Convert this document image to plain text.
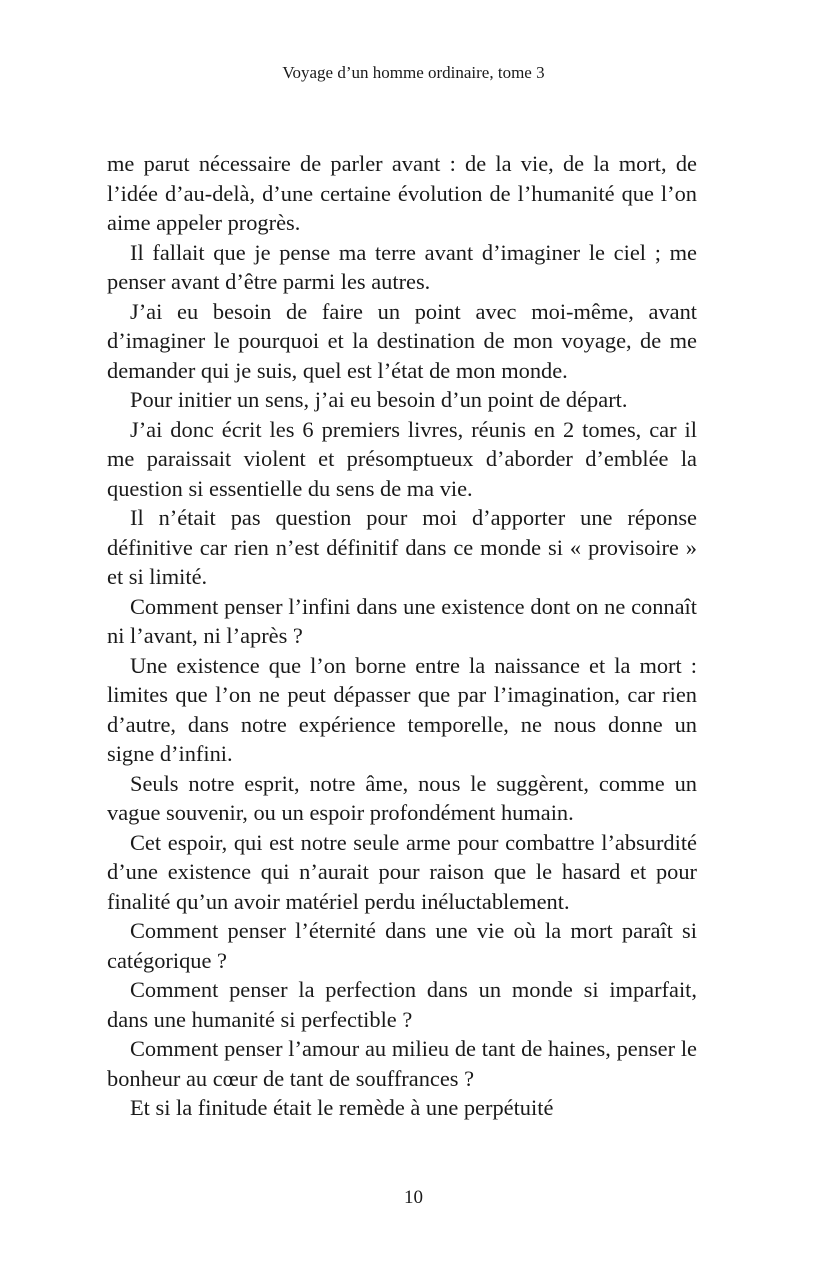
Voyage d’un homme ordinaire, tome 3

me parut nécessaire de parler avant : de la vie, de la mort, de l’idée d’au-delà, d’une certaine évolution de l’humanité que l’on aime appeler progrès.

Il fallait que je pense ma terre avant d’imaginer le ciel ; me penser avant d’être parmi les autres.

J’ai eu besoin de faire un point avec moi-même, avant d’imaginer le pourquoi et la destination de mon voyage, de me demander qui je suis, quel est l’état de mon monde.

Pour initier un sens, j’ai eu besoin d’un point de départ.

J’ai donc écrit les 6 premiers livres, réunis en 2 tomes, car il me paraissait violent et présomptueux d’aborder d’emblée la question si essentielle du sens de ma vie.

Il n’était pas question pour moi d’apporter une réponse définitive car rien n’est définitif dans ce monde si « provisoire » et si limité.

Comment penser l’infini dans une existence dont on ne connaît ni l’avant, ni l’après ?

Une existence que l’on borne entre la naissance et la mort : limites que l’on ne peut dépasser que par l’imagination, car rien d’autre, dans notre expérience temporelle, ne nous donne un signe d’infini.

Seuls notre esprit, notre âme, nous le suggèrent, comme un vague souvenir, ou un espoir profondément humain.

Cet espoir, qui est notre seule arme pour combattre l’absurdité d’une existence qui n’aurait pour raison que le hasard et pour finalité qu’un avoir matériel perdu inéluctablement.

Comment penser l’éternité dans une vie où la mort paraît si catégorique ?

Comment penser la perfection dans un monde si imparfait, dans une humanité si perfectible ?

Comment penser l’amour au milieu de tant de haines, penser le bonheur au cœur de tant de souffrances ?

Et si la finitude était le remède à une perpétuité

10
